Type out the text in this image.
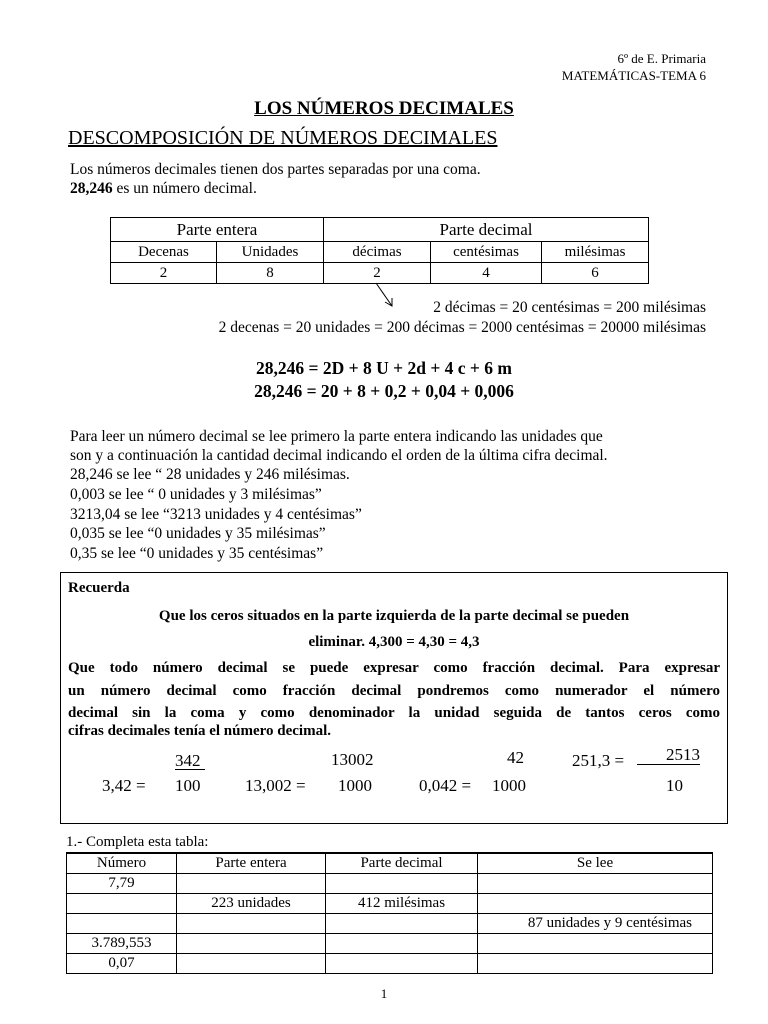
6º de E. Primaria
MATEMÁTICAS-TEMA 6
LOS NÚMEROS DECIMALES
DESCOMPOSICIÓN DE NÚMEROS DECIMALES
Los números decimales tienen dos partes separadas por una coma.
28,246 es un número decimal.
Parte entera		Parte decimal		
Decenas	Unidades	décimas	centésimas	milésimas
2	8	2	4	6
2 décimas = 20 centésimas = 200 milésimas
2 decenas = 20 unidades = 200 décimas = 2000 centésimas = 20000 milésimas
28,246 = 2D + 8 U + 2d + 4 c + 6 m
28,246 = 20 + 8 + 0,2 + 0,04 + 0,006
Para leer un número decimal se lee primero la parte entera indicando las unidades que
son y a continuación la cantidad decimal indicando el orden de la última cifra decimal.
28,246 se lee “ 28 unidades y 246 milésimas.
0,003 se lee “ 0 unidades y 3 milésimas”
3213,04 se lee “3213 unidades y 4 centésimas”
0,035 se lee “0 unidades y 35 milésimas”
0,35 se lee “0 unidades y 35 centésimas”
Recuerda
Que los ceros situados en la parte izquierda de la parte decimal se pueden
eliminar. 4,300 = 4,30 = 4,3
Que todo número decimal se puede expresar como fracción decimal. Para expresar
un número decimal como fracción decimal pondremos como numerador el número
decimal sin la coma y como denominador la unidad seguida de tantos ceros como
cifras decimales tenía el número decimal.
3,42 =
342
100	13,002 =
13002
1000	0,042 =
42
1000
251,3 =	2513
10
1.- Completa esta tabla:
Número	Parte entera	Parte decimal	Se lee
7,79			
	223 unidades	412 milésimas	
			87 unidades y 9 centésimas
3.789,553			
0,07			
1
